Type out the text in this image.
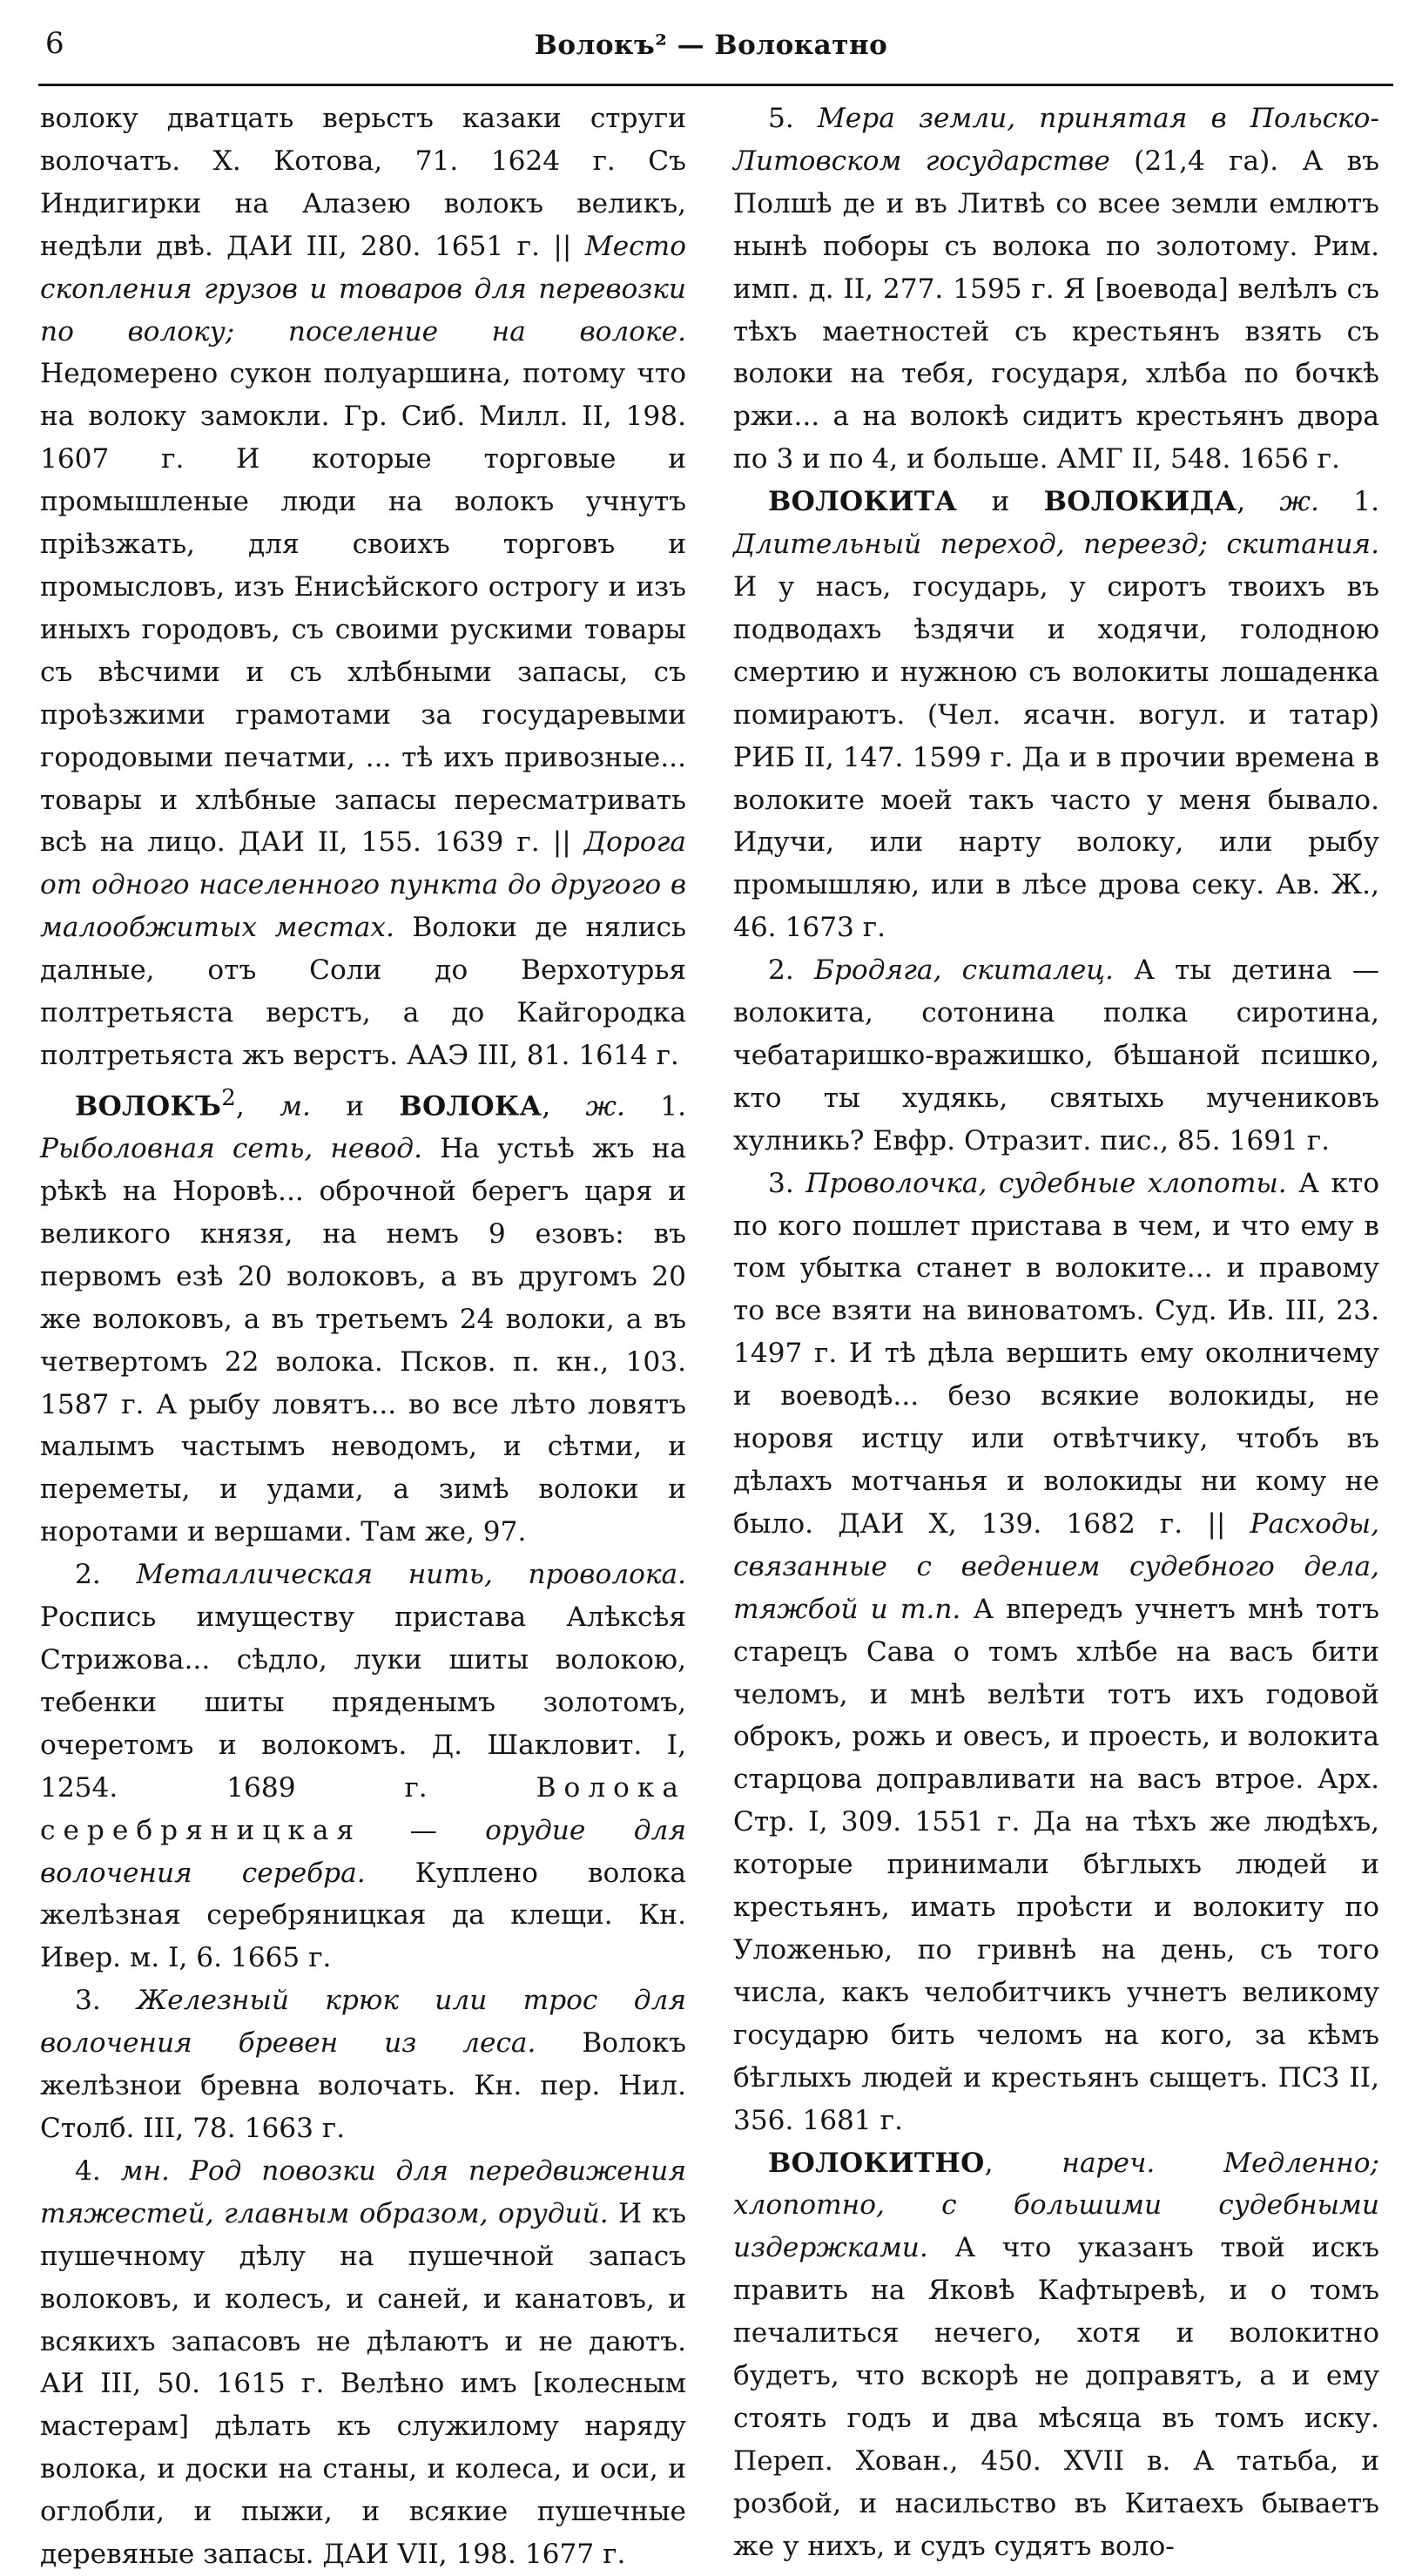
6	Волокъ² — Волокатно

волоку дватцать верьстъ казаки струги волочатъ. Х. Котова, 71. 1624 г. Съ Индигирки на Алазею волокъ великъ, недѣли двѣ. ДАИ III, 280. 1651 г. || Место скопления грузов и товаров для перевозки по волоку; поселение на волоке. Недомерено сукон полуаршина, потому что на волоку замокли. Гр. Сиб. Милл. II, 198. 1607 г. И которые торговые и промышленые люди на волокъ учнутъ пріѣзжать, для своихъ торговъ и промысловъ, изъ Енисѣйского острогу и изъ иныхъ городовъ, съ своими рускими товары съ вѣсчими и съ хлѣбными запасы, съ проѣзжими грамотами за государевыми городовыми печатми, ... тѣ ихъ привозные... товары и хлѣбные запасы пересматривать всѣ на лицо. ДАИ II, 155. 1639 г. || Дорога от одного населенного пункта до другого в малообжитых местах. Волоки де нялись далные, отъ Соли до Верхотурья полтретьяста верстъ, а до Кайгородка полтретьяста жъ верстъ. ААЭ III, 81. 1614 г.

ВОЛОКЪ$^2$, м. и ВОЛОКА, ж. 1. Рыболовная сеть, невод. На устьѣ жъ на рѣкѣ на Норовѣ... оброчной берегъ царя и великого князя, на немъ 9 езовъ: въ первомъ езѣ 20 волоковъ, а въ другомъ 20 же волоковъ, а въ третьемъ 24 волоки, а въ четвертомъ 22 волока. Псков. п. кн., 103. 1587 г. А рыбу ловятъ... во все лѣто ловятъ малымъ частымъ неводомъ, и сѣтми, и переметы, и удами, а зимѣ волоки и норотами и вершами. Там же, 97.

2. Металлическая нить, проволока. Роспись имуществу пристава Алѣксѣя Стрижова... сѣдло, луки шиты волокою, тебенки шиты пряденымъ золотомъ, очеретомъ и волокомъ. Д. Шакловит. I, 1254. 1689 г. Волока серебряницкая — орудие для волочения серебра. Куплено волока желѣзная серебряницкая да клещи. Кн. Ивер. м. I, 6. 1665 г.

3. Железный крюк или трос для волочения бревен из леса. Волокъ желѣзнои бревна волочать. Кн. пер. Нил. Столб. III, 78. 1663 г.

4. мн. Род повозки для передвижения тяжестей, главным образом, орудий. И къ пушечному дѣлу на пушечной запасъ волоковъ, и колесъ, и саней, и канатовъ, и всякихъ запасовъ не дѣлаютъ и не даютъ. АИ III, 50. 1615 г. Велѣно имъ [колесным мастерам] дѣлать къ служилому наряду волока, и доски на станы, и колеса, и оси, и оглобли, и пыжи, и всякие пушечные деревяные запасы. ДАИ VII, 198. 1677 г.

5. Мера земли, принятая в Польско-Литовском государстве (21,4 га). А въ Полшѣ де и въ Литвѣ со всее земли емлютъ нынѣ поборы съ волока по золотому. Рим. имп. д. II, 277. 1595 г. Я [воевода] велѣлъ съ тѣхъ маетностей съ крестьянъ взять съ волоки на тебя, государя, хлѣба по бочкѣ ржи... а на волокѣ сидитъ крестьянъ двора по 3 и по 4, и больше. АМГ II, 548. 1656 г.

ВОЛОКИТА и ВОЛОКИДА, ж. 1. Длительный переход, переезд; скитания. И у насъ, государь, у сиротъ твоихъ въ подводахъ ѣздячи и ходячи, голодною смертию и нужною съ волокиты лошаденка помираютъ. (Чел. ясачн. вогул. и татар) РИБ II, 147. 1599 г. Да и в прочии времена в волоките моей такъ часто у меня бывало. Идучи, или нарту волоку, или рыбу промышляю, или в лѣсе дрова секу. Ав. Ж., 46. 1673 г.

2. Бродяга, скиталец. А ты детина — волокита, сотонина полка сиротина, чебатаришко-вражишко, бѣшаной псишко, кто ты худякь, святыхь мучениковъ хулникь? Евфр. Отразит. пис., 85. 1691 г.

3. Проволочка, судебные хлопоты. А кто по кого пошлет пристава в чем, и что ему в том убытка станет в волоките... и правому то все взяти на виноватомъ. Суд. Ив. III, 23. 1497 г. И тѣ дѣла вершить ему околничему и воеводѣ... безо всякие волокиды, не норовя истцу или отвѣтчику, чтобъ въ дѣлахъ мотчанья и волокиды ни кому не было. ДАИ X, 139. 1682 г. || Расходы, связанные с ведением судебного дела, тяжбой и т.п. А впередъ учнетъ мнѣ тотъ старецъ Сава о томъ хлѣбе на васъ бити челомъ, и мнѣ велѣти тотъ ихъ годовой оброкъ, рожь и овесъ, и проесть, и волокита старцова доправливати на васъ втрое. Арх. Стр. I, 309. 1551 г. Да на тѣхъ же людѣхъ, которые принимали бѣглыхъ людей и крестьянъ, имать проѣсти и волокиту по Уложенью, по гривнѣ на день, съ того числа, какъ челобитчикъ учнетъ великому государю бить челомъ на кого, за кѣмъ бѣглыхъ людей и крестьянъ сыщетъ. ПСЗ II, 356. 1681 г.

ВОЛОКИТНО, нареч.	Медленно; хлопотно, с большими судебными издержками. А что указанъ твой искъ править на Яковѣ Кафтыревѣ, и о томъ печалиться нечего, хотя и волокитно будетъ, что вскорѣ не доправятъ, а и ему стоять годъ и два мѣсяца въ томъ иску. Переп. Хован., 450. XVII в. А татьба, и розбой, и насильство въ Китаехъ бываетъ же у нихъ, и судъ судятъ воло-
